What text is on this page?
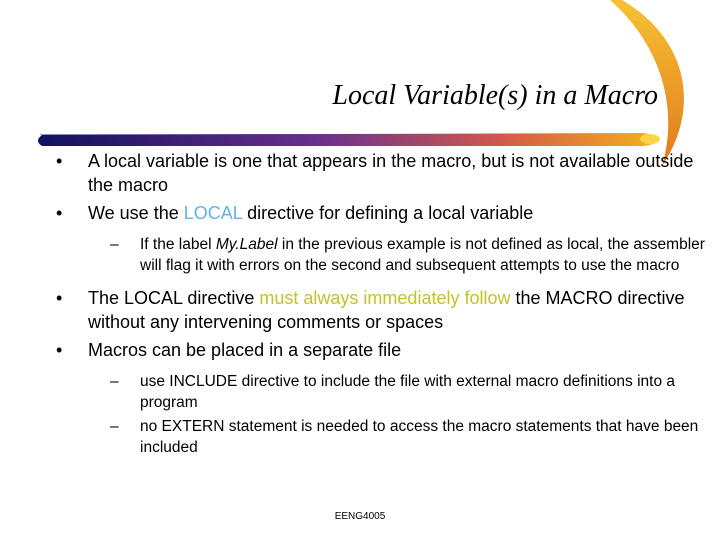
Local Variable(s) in a Macro
• A local variable is one that appears in the macro, but is not available outside the macro
• We use the LOCAL directive for defining a local variable
– If the label My.Label in the previous example is not defined as local, the assembler will flag it with errors on the second and subsequent attempts to use the macro
• The LOCAL directive must always immediately follow the MACRO directive without any intervening comments or spaces
• Macros can be placed in a separate file
– use INCLUDE directive to include the file with external macro definitions into a program
– no EXTERN statement is needed to access the macro statements that have been included
EENG4005
